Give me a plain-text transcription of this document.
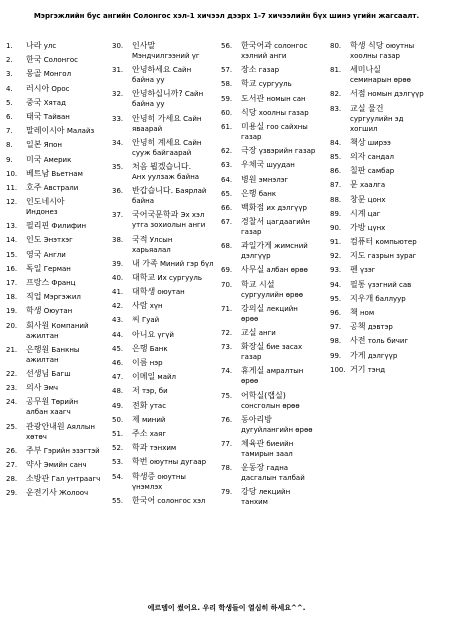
Мэргэжлийн бус ангийн Солонгос хэл-1 хичээл дээрх 1-7 хичээлийн бүх шинэ үгийн жагсаалт.
1.	나라 улс
2.	한국 Солонгос
3.	몽골 Монгол
4.	러시아 Орос
5.	중국 Хятад
6.	태국 Тайван
7.	말레이시아 Малайз
8.	일본 Япон
9.	미국 Америк
10.	베트남 Вьетнам
11.	호주 Австрали
12.	인도네시아
Индонез
13.	필리핀 Филифин
14.	인도 Энэтхэг
15.	영국 Англи
16.	독일 Герман
17.	프랑스 Франц
18.	직업 Мэргэжил
19.	학생 Оюутан
20.	회사원 Компаний
ажилтан
21.	은행원 Банкны
ажилтан
22.	선생님 Багш
23.	의사 Эмч
24.	공무원 Төрийн
албан хаагч
25.	관광안내원 Аяллын
хөтөч
26.	주부 Гэрийн эзэгтэй
27.	약사 Эмийн санч
28.	소방관 Гал унтраагч
29.	운전기사 Жолооч
30.	인사말
Мэндчилгээний үг
31.	안녕하세요 Сайн
байна уу
32.	안녕하십니까? Сайн
байна уу
33.	안녕히 가세요 Сайн
яваарай
34.	안녕히 계세요 Сайн
сууж байгаарай
35.	처음 뵙겠습니다.
Анх уулзаж байна
36.	반갑습니다. Баярлай
байна
37.	국어국문학과 Эх хэл
утга зохиолын анги
38.	국적 Улсын
харьяалал
39.	내 가족 Миний гэр бүл
40.	대학교 Их сургууль
41.	대학생 оюутан
42.	사람 хүн
43.	씨 Гуай
44.	아니요 үгүй
45.	은행 Банк
46.	이름 нэр
47.	이메일 майл
48.	저 тэр, би
49.	전화 утас
50.	제 миний
51.	주소 хаяг
52.	학과 тэнхим
53.	학번 оюутны дугаар
54.	학생증 оюутны
үнэмлэх
55.	한국어 солонгос хэл
56.	한국어과 солонгос
хэлний анги
57.	장소 газар
58.	학교 сургууль
59.	도서관 номын сан
60.	식당 хоолны газар
61.	미용실 гоо сайхны
газар
62.	극장 үзвэрийн газар
63.	우체국 шуудан
64.	병원 эмнэлэг
65.	은행 банк
66.	백화점 их дэлгүүр
67.	경찰서 цагдаагийн
газар
68.	과일가게 жимсний
дэлгүүр
69.	사무실 албан өрөө
70.	학교 시설
сургуулийн өрөө
71.	강의실 лекцийн
өрөө
72.	교실 анги
73.	화장실 бие засах
газар
74.	휴게실 амралтын
өрөө
75.	어학실(랩실)
сонсголын өрөө
76.	동아리방
дугуйлангийн өрөө
77.	체육관 биеийн
тамирын заал
78.	운동장 гадна
дасгалын талбай
79.	강당 лекцийн
танхим
80.	학생 식당 оюутны
хоолны газар
81.	세미나실
семинарын өрөө
82.	서점 номын дэлгүүр
83.	교실 물건
сургуулийн эд
хогшил
84.	책상 ширээ
85.	의자 сандал
86.	칠판 самбар
87.	문 хаалга
88.	창문 цонх
89.	시계 цаг
90.	가방 цүнх
91.	컴퓨터 компьютер
92.	지도 газрын зураг
93.	펜 үзэг
94.	필통 үзэгний сав
95.	지우개 баллуур
96.	책 ном
97.	공책 дэвтэр
98.	사전 толь бичиг
99.	가게 дэлгүүр
100. 거기 тэнд
에르뎀이 썼어요. 우리 학생들이 열심히 하세요^^.
